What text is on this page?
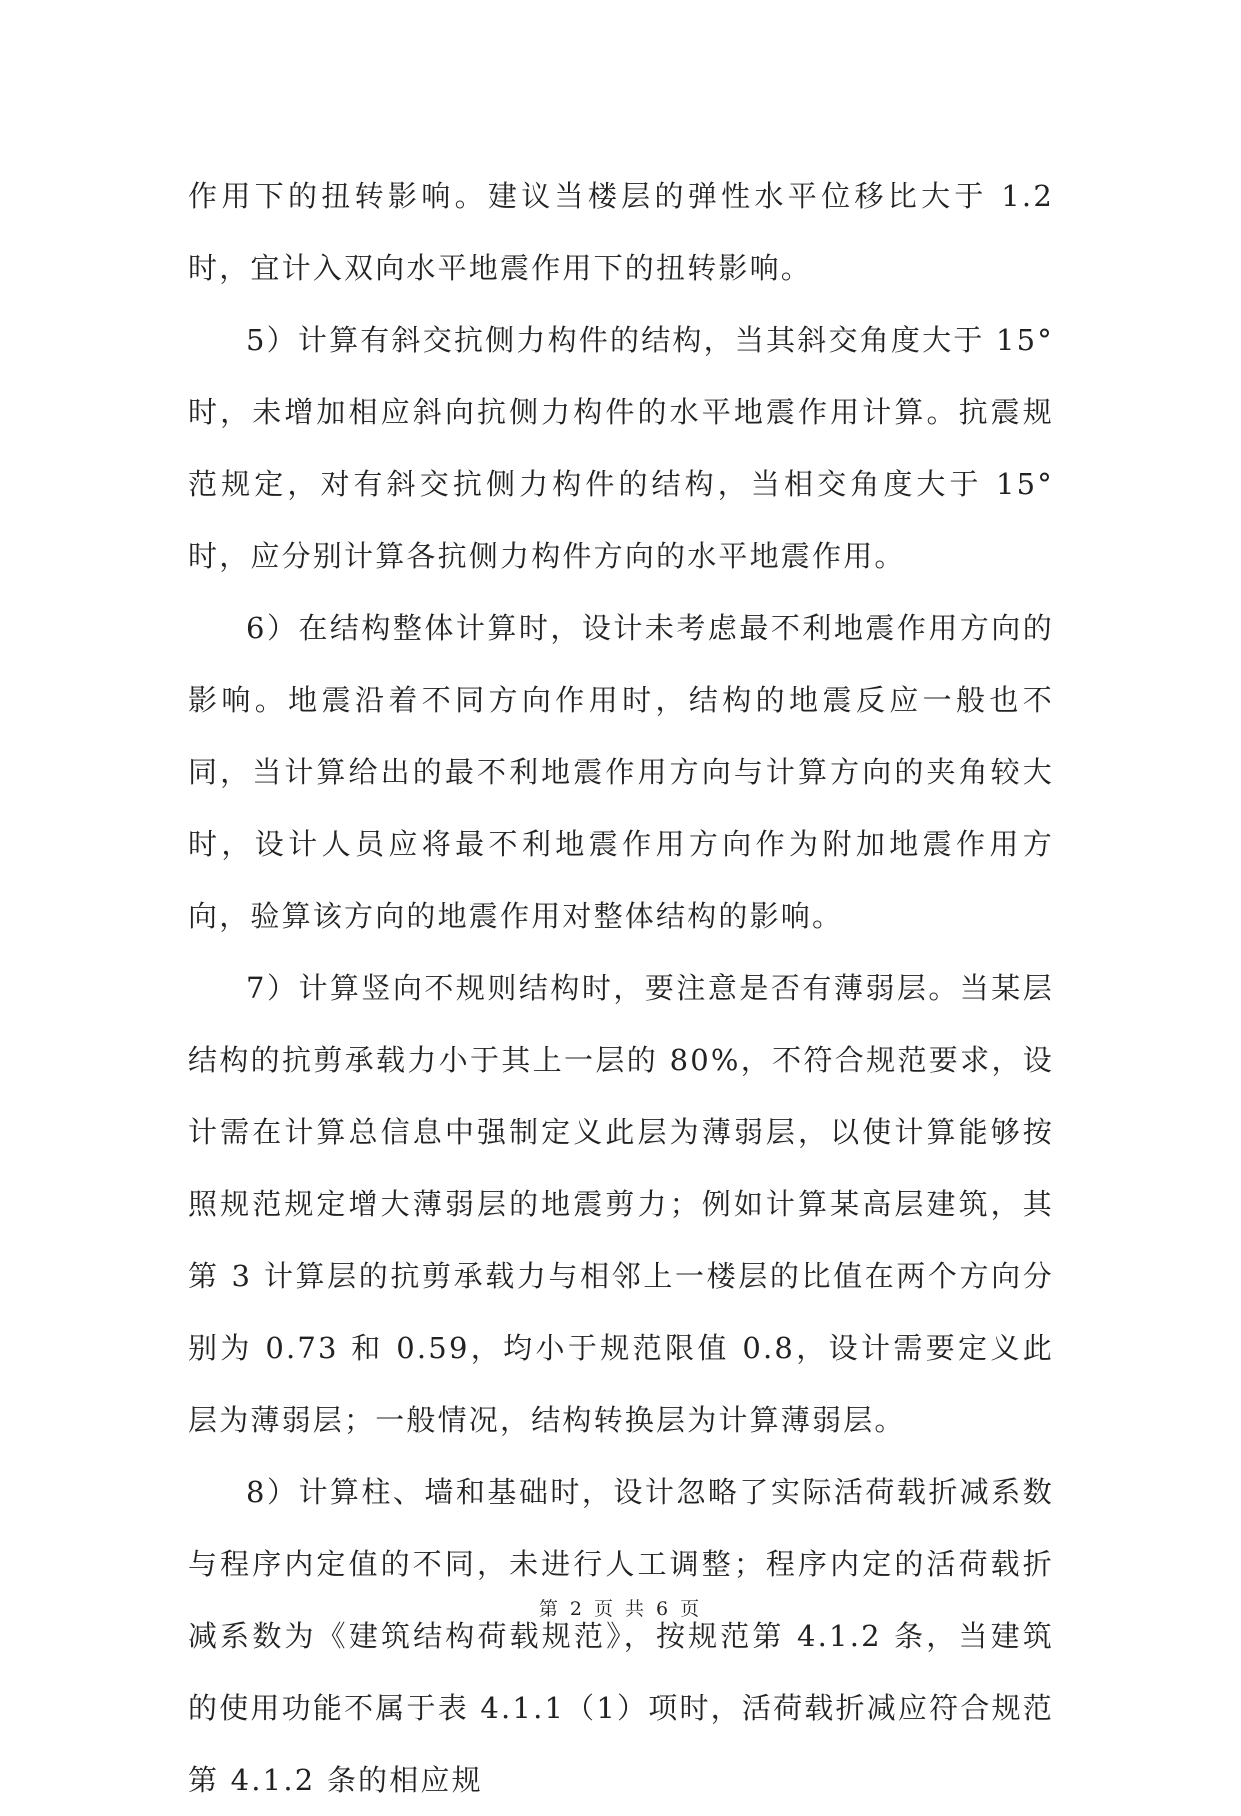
作用下的扭转影响。建议当楼层的弹性水平位移比大于 1.2 时，宜计入双向水平地震作用下的扭转影响。

5）计算有斜交抗侧力构件的结构，当其斜交角度大于 15° 时，未增加相应斜向抗侧力构件的水平地震作用计算。抗震规范规定，对有斜交抗侧力构件的结构，当相交角度大于 15° 时，应分别计算各抗侧力构件方向的水平地震作用。

6）在结构整体计算时，设计未考虑最不利地震作用方向的影响。地震沿着不同方向作用时，结构的地震反应一般也不同，当计算给出的最不利地震作用方向与计算方向的夹角较大时，设计人员应将最不利地震作用方向作为附加地震作用方向，验算该方向的地震作用对整体结构的影响。

7）计算竖向不规则结构时，要注意是否有薄弱层。当某层结构的抗剪承载力小于其上一层的 80%，不符合规范要求，设计需在计算总信息中强制定义此层为薄弱层，以使计算能够按照规范规定增大薄弱层的地震剪力；例如计算某高层建筑，其第 3 计算层的抗剪承载力与相邻上一楼层的比值在两个方向分别为 0.73 和 0.59，均小于规范限值 0.8，设计需要定义此层为薄弱层；一般情况，结构转换层为计算薄弱层。

8）计算柱、墙和基础时，设计忽略了实际活荷载折减系数与程序内定值的不同，未进行人工调整；程序内定的活荷载折减系数为《建筑结构荷载规范》，按规范第 4.1.2 条，当建筑的使用功能不属于表 4.1.1（1）项时，活荷载折减应符合规范第 4.1.2 条的相应规

第 2 页 共 6 页
